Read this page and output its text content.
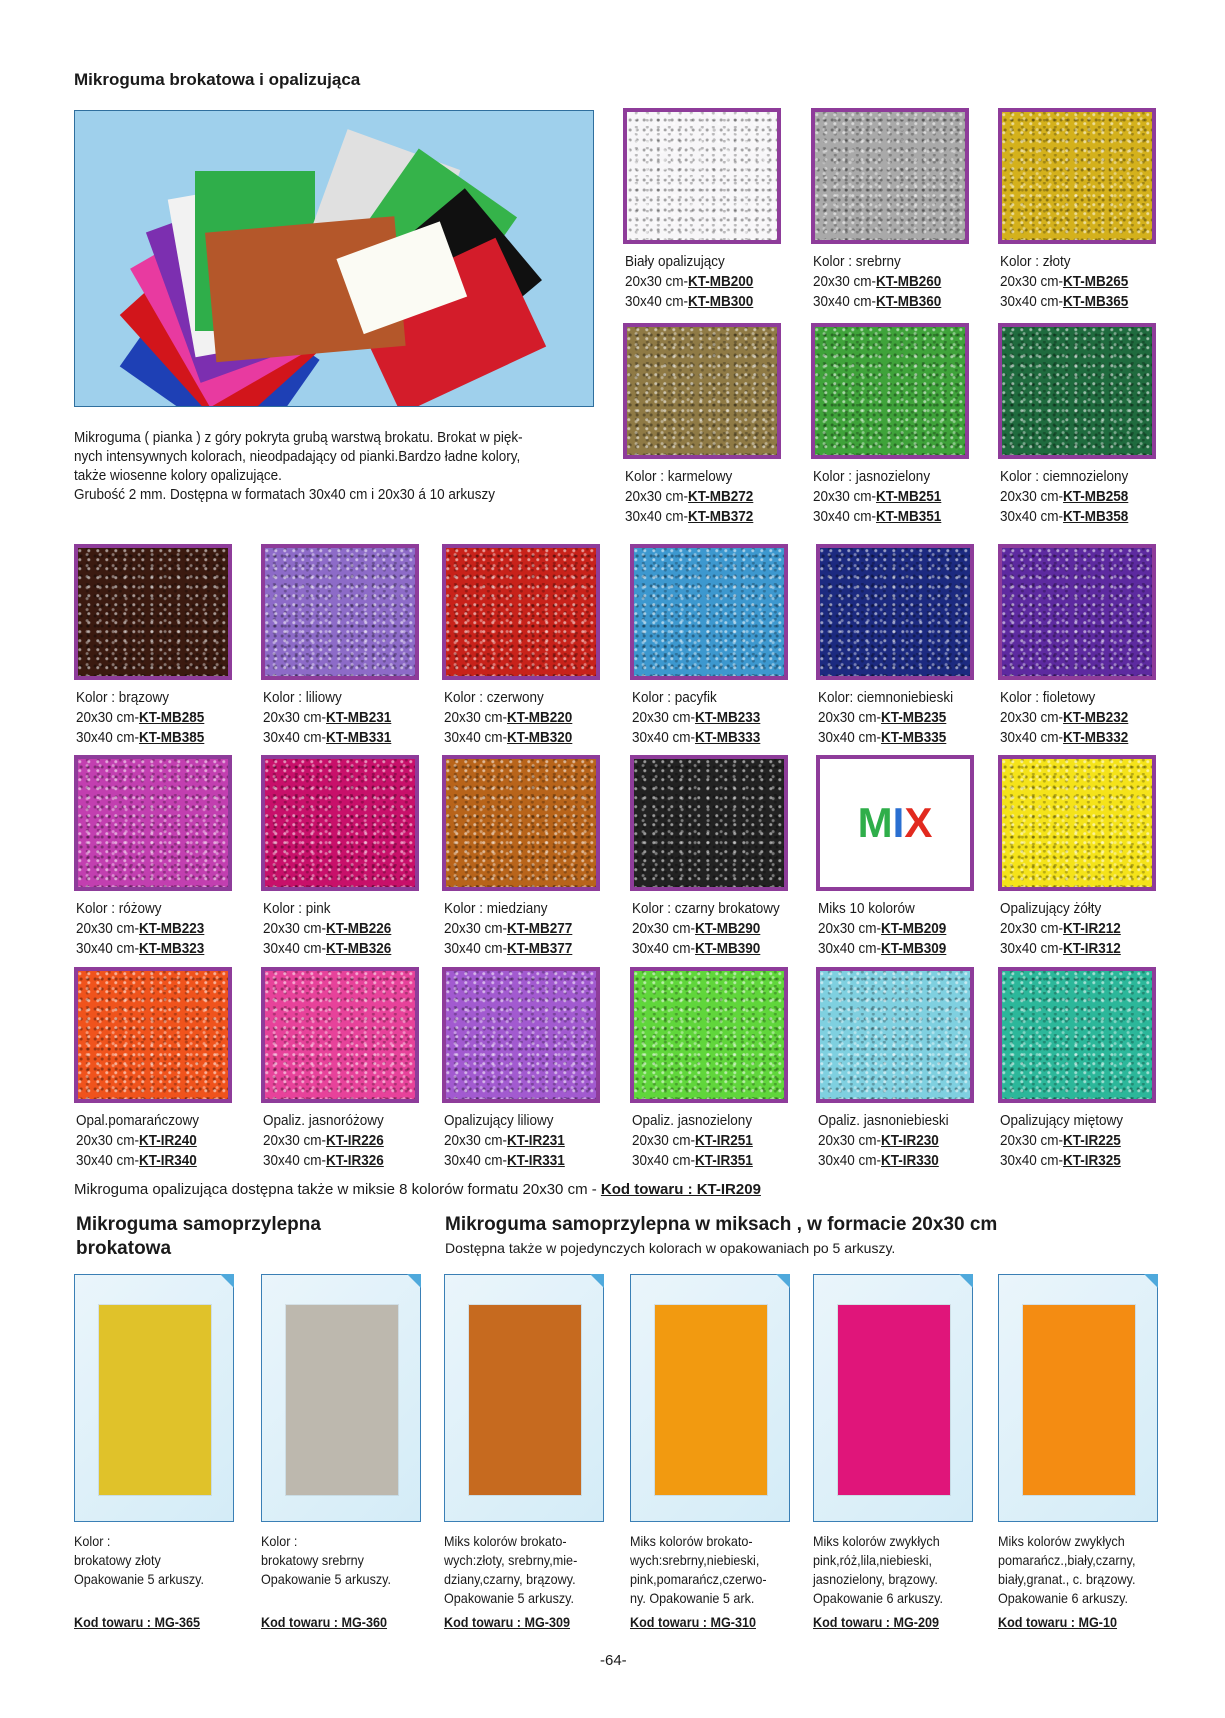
Mikroguma brokatowa i opalizująca
Mikroguma ( pianka ) z góry pokryta grubą warstwą brokatu. Brokat w pięk-
nych intensywnych kolorach, nieodpadający od pianki.Bardzo ładne kolory,
także wiosenne kolory opalizujące.
Grubość 2 mm. Dostępna w formatach 30x40 cm i 20x30 á 10 arkuszy
Biały opalizujący
20x30 cm-KT-MB200
30x40 cm-KT-MB300
Kolor : srebrny
20x30 cm-KT-MB260
30x40 cm-KT-MB360
Kolor : złoty
20x30 cm-KT-MB265
30x40 cm-KT-MB365
Kolor : karmelowy
20x30 cm-KT-MB272
30x40 cm-KT-MB372
Kolor : jasnozielony
20x30 cm-KT-MB251
30x40 cm-KT-MB351
Kolor : ciemnozielony
20x30 cm-KT-MB258
30x40 cm-KT-MB358
Kolor : brązowy
20x30 cm-KT-MB285
30x40 cm-KT-MB385
Kolor : liliowy
20x30 cm-KT-MB231
30x40 cm-KT-MB331
Kolor : czerwony
20x30 cm-KT-MB220
30x40 cm-KT-MB320
Kolor : pacyfik
20x30 cm-KT-MB233
30x40 cm-KT-MB333
Kolor: ciemnoniebieski
20x30 cm-KT-MB235
30x40 cm-KT-MB335
Kolor : fioletowy
20x30 cm-KT-MB232
30x40 cm-KT-MB332
Kolor : różowy
20x30 cm-KT-MB223
30x40 cm-KT-MB323
Kolor : pink
20x30 cm-KT-MB226
30x40 cm-KT-MB326
Kolor : miedziany
20x30 cm-KT-MB277
30x40 cm-KT-MB377
Kolor : czarny brokatowy
20x30 cm-KT-MB290
30x40 cm-KT-MB390
MIX
Miks 10 kolorów
20x30 cm-KT-MB209
30x40 cm-KT-MB309
Opalizujący żółty
20x30 cm-KT-IR212
30x40 cm-KT-IR312
Opal.pomarańczowy
20x30 cm-KT-IR240
30x40 cm-KT-IR340
Opaliz. jasnoróżowy
20x30 cm-KT-IR226
30x40 cm-KT-IR326
Opalizujący liliowy
20x30 cm-KT-IR231
30x40 cm-KT-IR331
Opaliz. jasnozielony
20x30 cm-KT-IR251
30x40 cm-KT-IR351
Opaliz. jasnoniebieski
20x30 cm-KT-IR230
30x40 cm-KT-IR330
Opalizujący miętowy
20x30 cm-KT-IR225
30x40 cm-KT-IR325
Mikroguma opalizująca dostępna także w miksie 8 kolorów formatu 20x30 cm - Kod towaru : KT-IR209
Mikroguma samoprzylepna
brokatowa
Mikroguma samoprzylepna w miksach , w formacie 20x30 cm
Dostępna także w pojedynczych kolorach w opakowaniach po 5 arkuszy.
Kolor :
brokatowy złoty
Opakowanie 5 arkuszy.
Kod towaru : MG-365
Kolor :
brokatowy srebrny
Opakowanie 5 arkuszy.
Kod towaru : MG-360
Miks kolorów brokato-
wych:złoty, srebrny,mie-
dziany,czarny, brązowy.
Opakowanie 5 arkuszy.
Kod towaru : MG-309
Miks kolorów brokato-
wych:srebrny,niebieski,
pink,pomarańcz,czerwo-
ny. Opakowanie 5 ark.
Kod towaru : MG-310
Miks kolorów zwykłych
pink,róż,lila,niebieski,
jasnozielony, brązowy.
Opakowanie 6 arkuszy.
Kod towaru : MG-209
Miks kolorów zwykłych
pomarańcz.,biały,czarny,
biały,granat., c. brązowy.
Opakowanie 6 arkuszy.
Kod towaru : MG-10
-64-
